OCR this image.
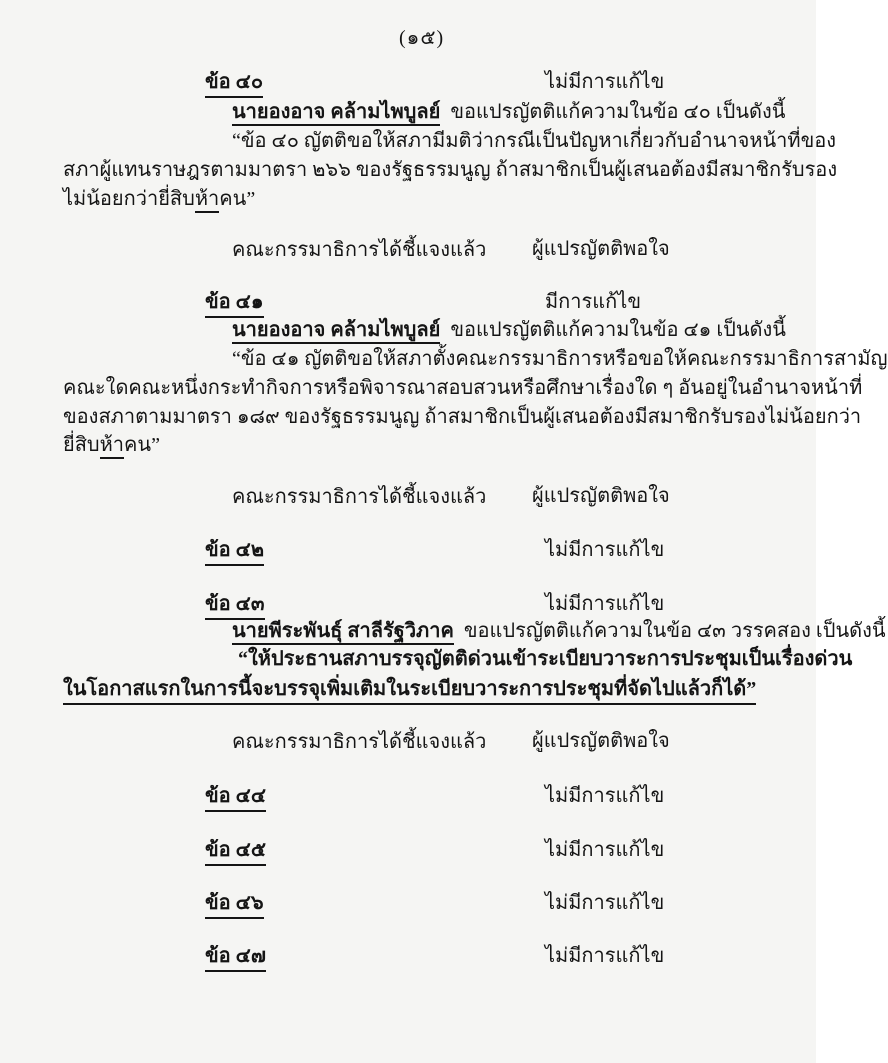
(๑๕)
ข้อ ๔๐	ไม่มีการแก้ไข
นายองอาจ คล้ามไพบูลย์ ขอแปรญัตติแก้ความในข้อ ๔๐ เป็นดังนี้
“ข้อ ๔๐ ญัตติขอให้สภามีมติว่ากรณีเป็นปัญหาเกี่ยวกับอำนาจหน้าที่ของ
สภาผู้แทนราษฎรตามมาตรา ๒๖๖ ของรัฐธรรมนูญ ถ้าสมาชิกเป็นผู้เสนอต้องมีสมาชิกรับรอง
ไม่น้อยกว่ายี่สิบห้าคน”
คณะกรรมาธิการได้ชี้แจงแล้ว ผู้แปรญัตติพอใจ
ข้อ ๔๑	มีการแก้ไข
นายองอาจ คล้ามไพบูลย์ ขอแปรญัตติแก้ความในข้อ ๔๑ เป็นดังนี้
“ข้อ ๔๑ ญัตติขอให้สภาตั้งคณะกรรมาธิการหรือขอให้คณะกรรมาธิการสามัญ
คณะใดคณะหนึ่งกระทำกิจการหรือพิจารณาสอบสวนหรือศึกษาเรื่องใด ๆ อันอยู่ในอำนาจหน้าที่
ของสภาตามมาตรา ๑๘๙ ของรัฐธรรมนูญ ถ้าสมาชิกเป็นผู้เสนอต้องมีสมาชิกรับรองไม่น้อยกว่า
ยี่สิบห้าคน”
คณะกรรมาธิการได้ชี้แจงแล้ว ผู้แปรญัตติพอใจ
ข้อ ๔๒	ไม่มีการแก้ไข
ข้อ ๔๓	ไม่มีการแก้ไข
นายพีระพันธุ์ สาลีรัฐวิภาค ขอแปรญัตติแก้ความในข้อ ๔๓ วรรคสอง เป็นดังนี้
“ให้ประธานสภาบรรจุญัตติด่วนเข้าระเบียบวาระการประชุมเป็นเรื่องด่วน
ในโอกาสแรกในการนี้จะบรรจุเพิ่มเติมในระเบียบวาระการประชุมที่จัดไปแล้วก็ได้”
คณะกรรมาธิการได้ชี้แจงแล้ว ผู้แปรญัตติพอใจ
ข้อ ๔๔	ไม่มีการแก้ไข
ข้อ ๔๕	ไม่มีการแก้ไข
ข้อ ๔๖	ไม่มีการแก้ไข
ข้อ ๔๗	ไม่มีการแก้ไข
